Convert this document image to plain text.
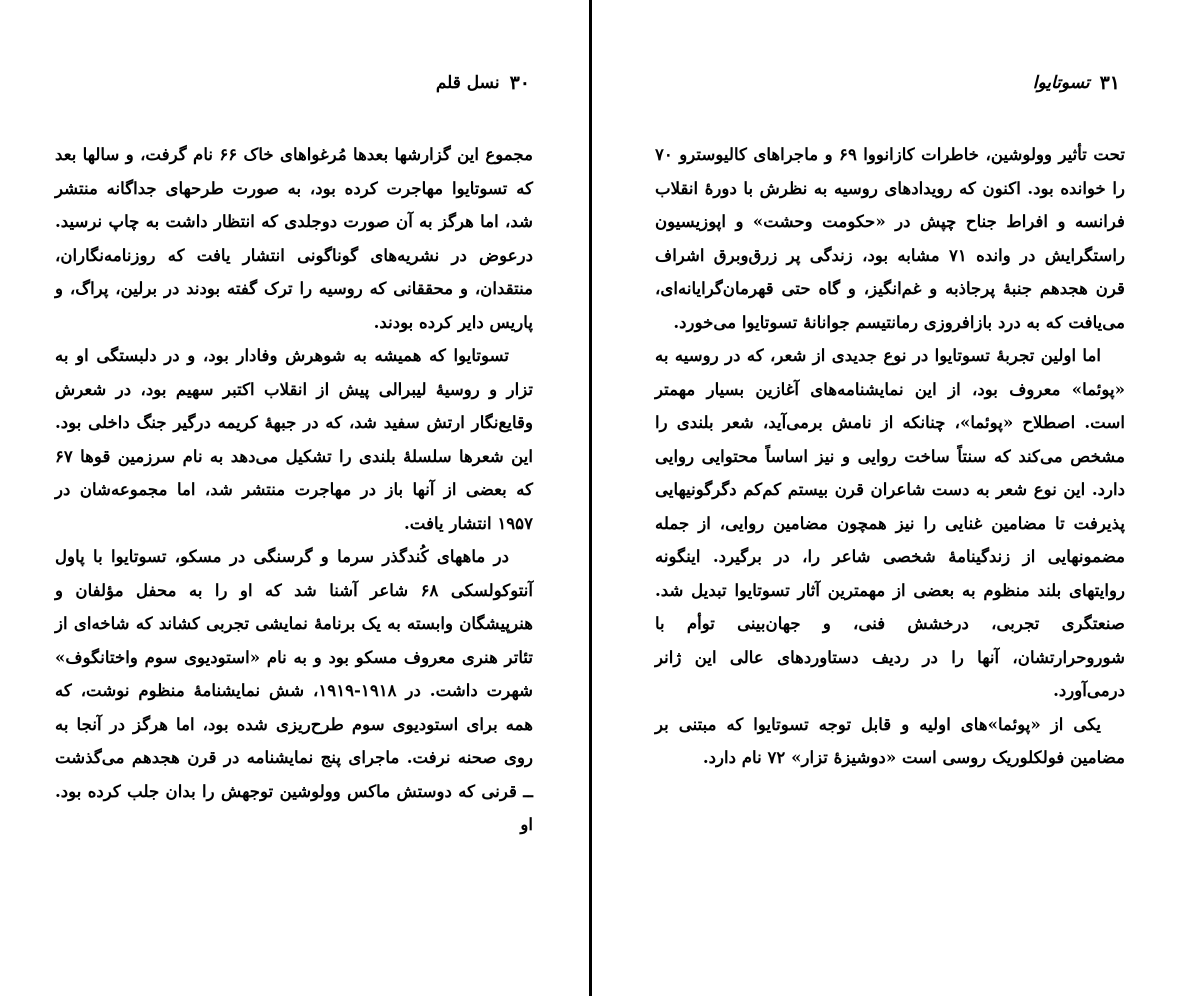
۳۰
نسل قلم

مجموع این گزارشها بعدها مُرغواهای خاک ۶۶ نام گرفت، و سالها بعد که تسوتایوا مهاجرت کرده بود، به صورت طرحهای جداگانه منتشر شد، اما هرگز به آن صورت دوجلدی که انتظار داشت به چاپ نرسید. درعوض در نشریه‌های گوناگونی انتشار یافت که روزنامه‌نگاران، منتقدان، و محققانی که روسیه را ترک گفته بودند در برلین، پراگ، و پاریس دایر کرده بودند.

تسوتایوا که همیشه به شوهرش وفادار بود، و در دلبستگی او به تزار و روسیهٔ لیبرالی پیش از انقلاب اکتبر سهیم بود، در شعرش وقایع‌نگار ارتش سفید شد، که در جبههٔ کریمه درگیر جنگ داخلی بود. این شعرها سلسلهٔ بلندی را تشکیل می‌دهد به نام سرزمین قوها ۶۷ که بعضی از آنها باز در مهاجرت منتشر شد، اما مجموعه‌شان در ۱۹۵۷ انتشار یافت.

در ماههای کُندگذر سرما و گرسنگی در مسکو، تسوتایوا با پاول آنتوکولسکی ۶۸ شاعر آشنا شد که او را به محفل مؤلفان و هنرپیشگان وابسته به یک برنامهٔ نمایشی تجربی کشاند که شاخه‌ای از تئاتر هنری معروف مسکو بود و به نام «استودیوی سوم واختانگوف» شهرت داشت. در ۱۹۱۸-۱۹۱۹، شش نمایشنامهٔ منظوم نوشت، که همه برای استودیوی سوم طرح‌ریزی شده بود، اما هرگز در آنجا به روی صحنه نرفت. ماجرای پنج نمایشنامه در قرن هجدهم می‌گذشت ــ قرنی که دوستش ماکس وولوشین توجهش را بدان جلب کرده بود. او

۳۱
تسوتایوا

تحت تأثیر وولوشین، خاطرات کازانووا ۶۹ و ماجراهای کالیوسترو ۷۰ را خوانده بود. اکنون که رویدادهای روسیه به نظرش با دورهٔ انقلاب فرانسه و افراط جناح چپش در «حکومت وحشت» و اپوزیسیون راستگرایش در وانده ۷۱ مشابه بود، زندگی پر زرق‌وبرق اشراف قرن هجدهم جنبهٔ پرجاذبه و غم‌انگیز، و گاه حتی قهرمان‌گرایانه‌ای، می‌یافت که به درد بازافروزی رمانتیسم جوانانهٔ تسوتایوا می‌خورد.

اما اولین تجربهٔ تسوتایوا در نوع جدیدی از شعر، که در روسیه به «پوئما» معروف بود، از این نمایشنامه‌های آغازین بسیار مهمتر است. اصطلاح «پوئما»، چنانکه از نامش برمی‌آید، شعر بلندی را مشخص می‌کند که سنتاً ساخت روایی و نیز اساساً محتوایی روایی دارد. این نوع شعر به دست شاعران قرن بیستم کم‌کم دگرگونیهایی پذیرفت تا مضامین غنایی را نیز همچون مضامین روایی، از جمله مضمونهایی از زندگینامهٔ شخصی شاعر را، در برگیرد. اینگونه روایتهای بلند منظوم به بعضی از مهمترین آثار تسوتایوا تبدیل شد. صنعتگری تجربی، درخشش فنی، و جهان‌بینی توأم با شوروحرارتشان، آنها را در ردیف دستاوردهای عالی این ژانر درمی‌آورد.

یکی از «پوئما»های اولیه و قابل توجه تسوتایوا که مبتنی بر مضامین فولکلوریک روسی است «دوشیزهٔ تزار» ۷۲ نام دارد.
